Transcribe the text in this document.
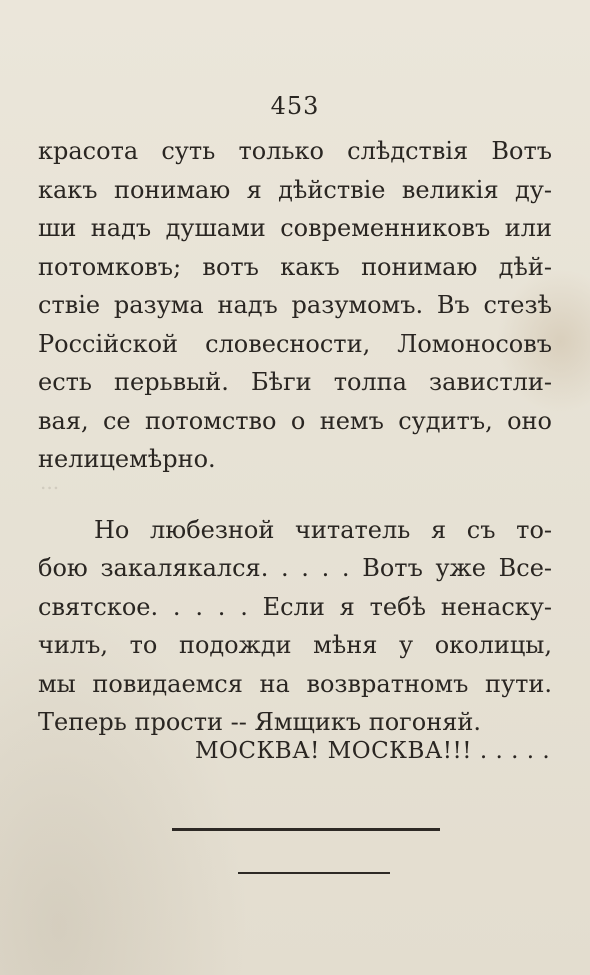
...
453
красота суть только слѣдствія Вотъ
какъ понимаю я дѣйствіе великія ду-
ши надъ душами современниковъ или
потомковъ; вотъ какъ понимаю дѣй-
ствіе разума надъ разумомъ. Въ стезѣ
Россійской словесности, Ломоносовъ
есть перьвый. Бѣги толпа завистли-
вая, се потомство о немъ судитъ, оно
нелицемѣрно.
Но любезной читатель я съ то-
бою закалякался. . . . . Вотъ уже Все-
святское. . . . . Если я тебѣ ненаску-
чилъ, то подожди мѣня у околицы,
мы повидаемся на возвратномъ пути.
Теперь прости -- Ямщикъ погоняй.
МОСКВА! МОСКВА!!! . . . . .
